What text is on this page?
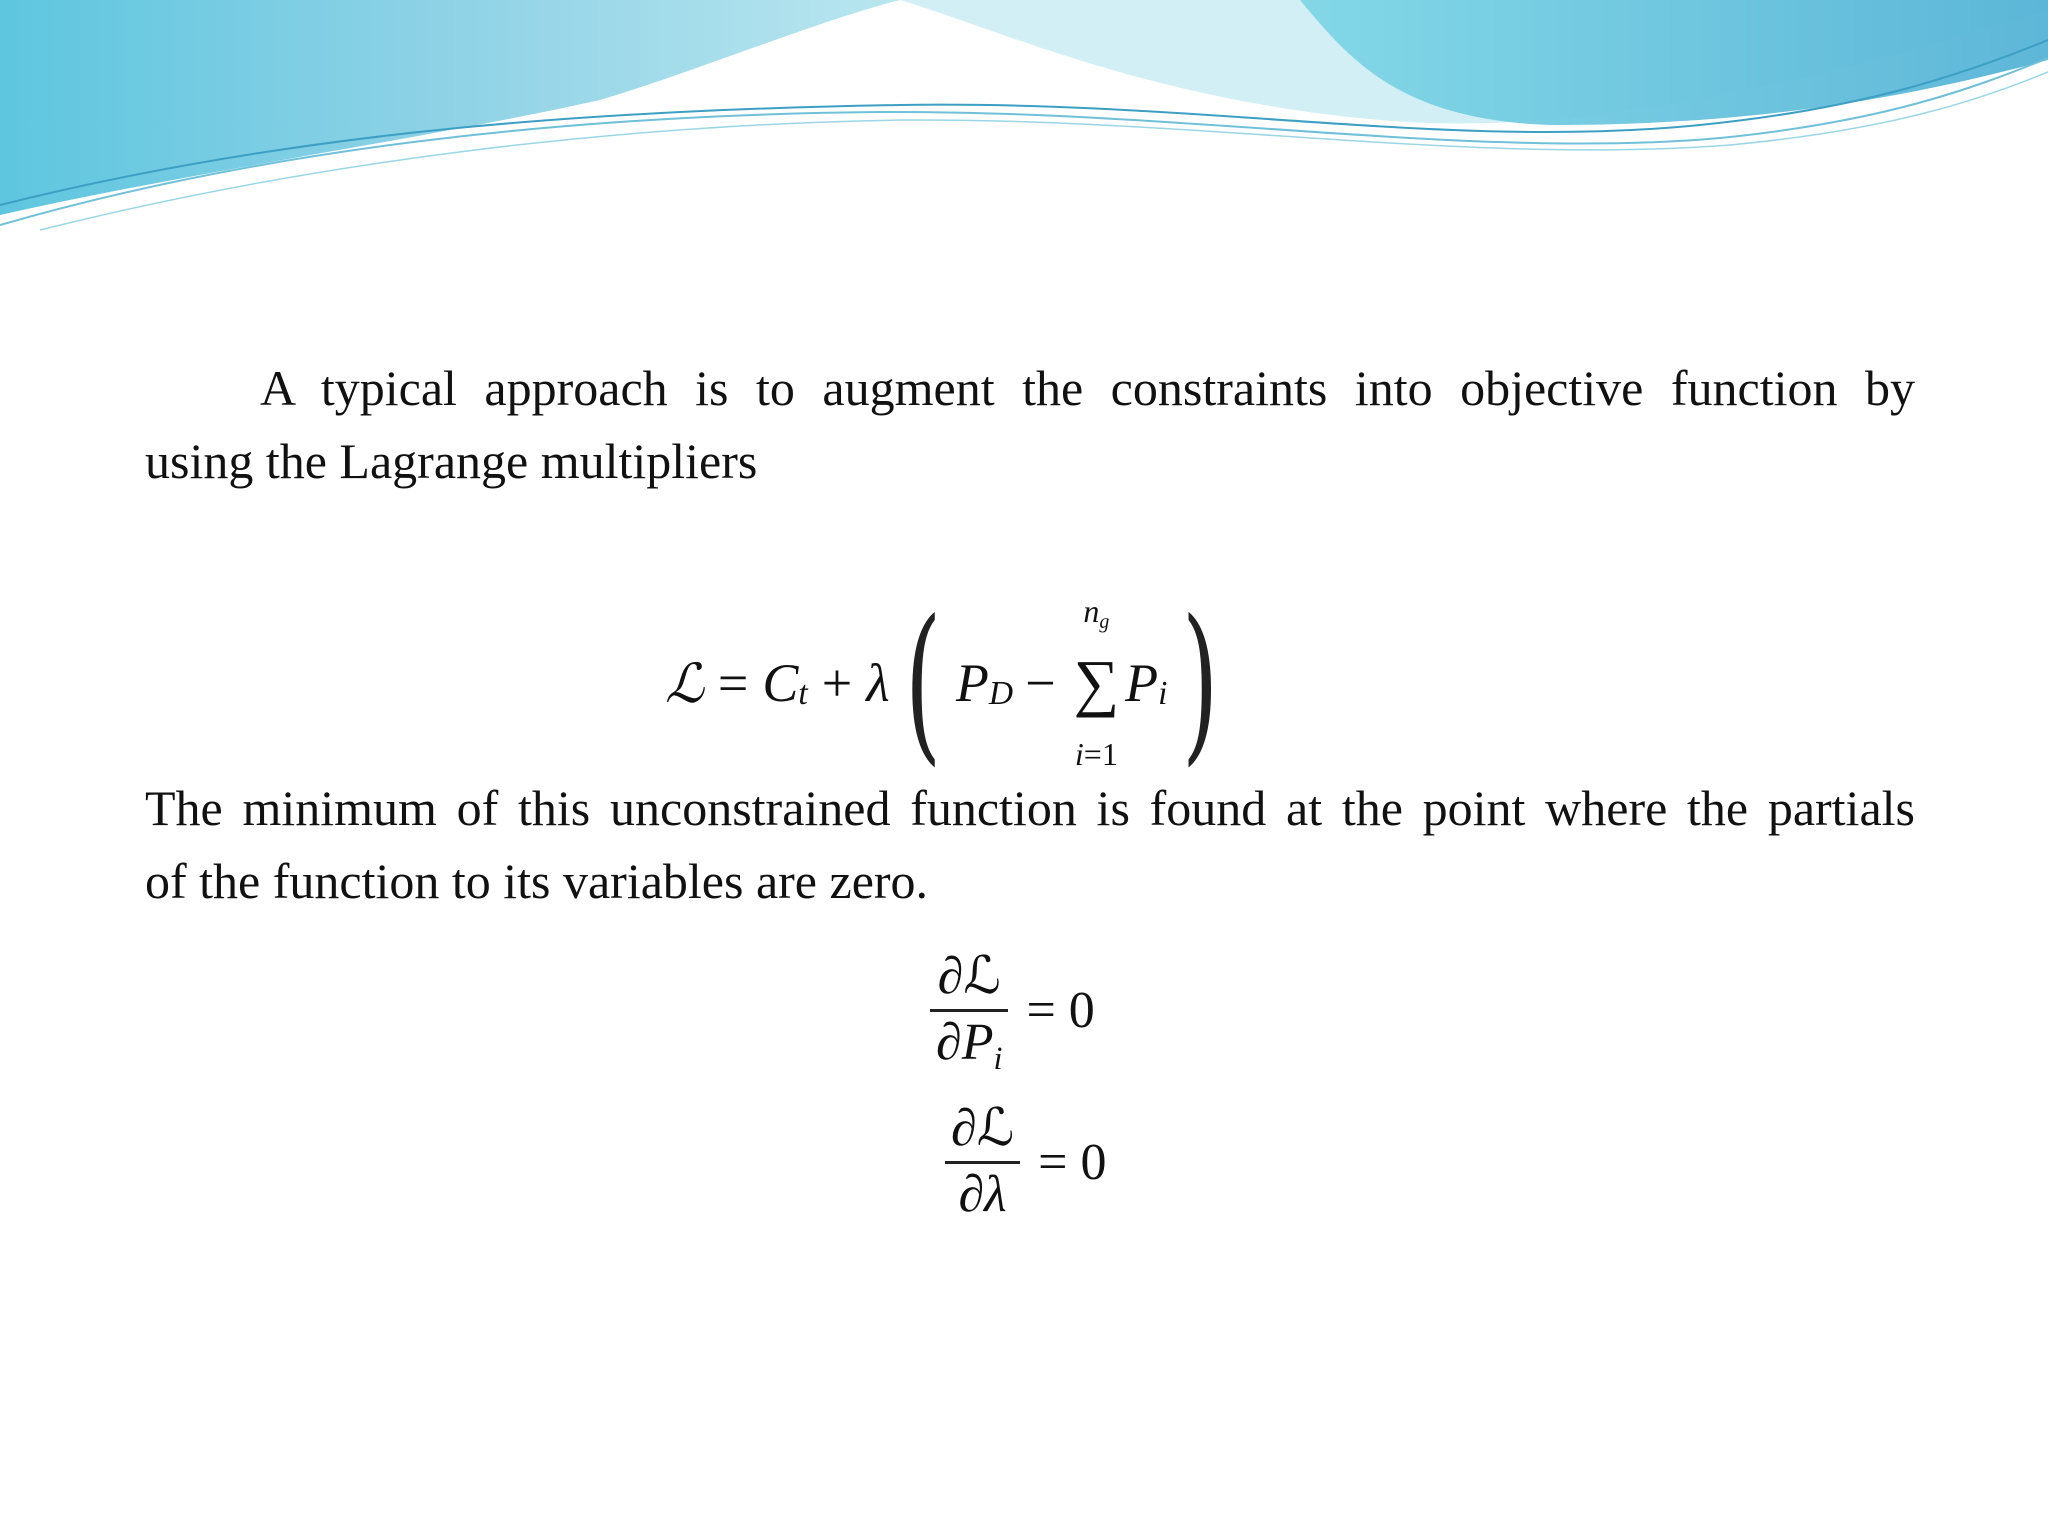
A typical approach is to augment the constraints into objective function by
using the Lagrange multipliers
ℒ = C t + λ ( P D −
ng
∑
i=1
P i )
The minimum of this unconstrained function is found at the point where the partials
of the function to its variables are zero.
$\frac{\text{∂ℒ}}{\partial Pi} = 0$
$\frac{\text{∂ℒ}}{\partial\lambda} = 0$
